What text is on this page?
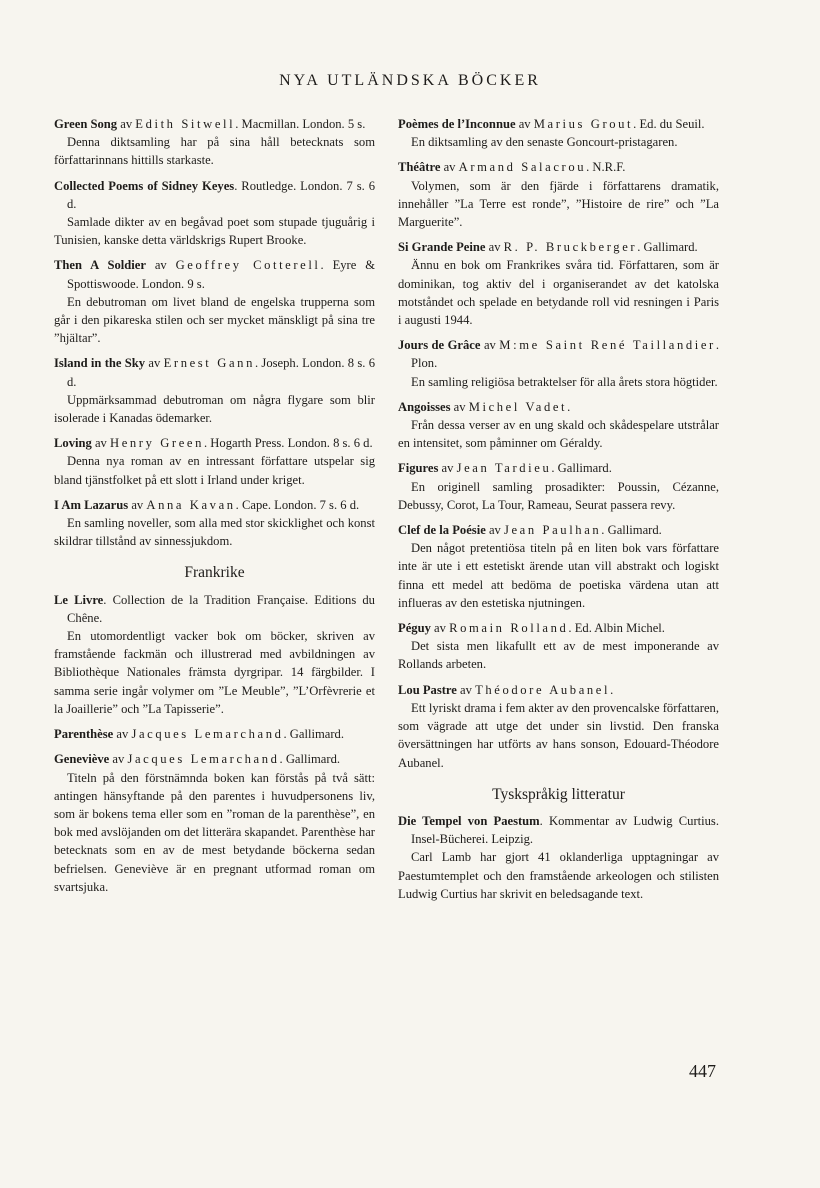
NYA UTLÄNDSKA BÖCKER

Green Song av Edith Sitwell. Macmillan. London. 5 s.

Denna diktsamling har på sina håll betecknats som författarinnans hittills starkaste.

Collected Poems of Sidney Keyes. Routledge. London. 7 s. 6 d.

Samlade dikter av en begåvad poet som stupade tjuguårig i Tunisien, kanske detta världskrigs Rupert Brooke.

Then A Soldier av Geoffrey Cotterell. Eyre & Spottiswoode. London. 9 s.

En debutroman om livet bland de engelska trupperna som går i den pikareska stilen och ser mycket mänskligt på sina tre ”hjältar”.

Island in the Sky av Ernest Gann. Joseph. London. 8 s. 6 d.

Uppmärksammad debutroman om några flygare som blir isolerade i Kanadas ödemarker.

Loving av Henry Green. Hogarth Press. London. 8 s. 6 d.

Denna nya roman av en intressant författare utspelar sig bland tjänstfolket på ett slott i Irland under kriget.

I Am Lazarus av Anna Kavan. Cape. London. 7 s. 6 d.

En samling noveller, som alla med stor skicklighet och konst skildrar tillstånd av sinnessjukdom.

Frankrike

Le Livre. Collection de la Tradition Française. Editions du Chêne.

En utomordentligt vacker bok om böcker, skriven av framstående fackmän och illustrerad med avbildningen av Bibliothèque Nationales främsta dyrgripar. 14 färgbilder. I samma serie ingår volymer om ”Le Meuble”, ”L’Orfèvrerie et la Joaillerie” och ”La Tapisserie”.

Parenthèse av Jacques Lemarchand. Gallimard.

Geneviève av Jacques Lemarchand. Gallimard.

Titeln på den förstnämnda boken kan förstås på två sätt: antingen hänsyftande på den parentes i huvudpersonens liv, som är bokens tema eller som en ”roman de la parenthèse”, en bok med avslöjanden om det litterära skapandet. Parenthèse har betecknats som en av de mest betydande böckerna sedan befrielsen. Geneviève är en pregnant utformad roman om svartsjuka.

Poèmes de l’Inconnue av Marius Grout. Ed. du Seuil.

En diktsamling av den senaste Goncourt-pristagaren.

Théâtre av Armand Salacrou. N.R.F.

Volymen, som är den fjärde i författarens dramatik, innehåller ”La Terre est ronde”, ”Histoire de rire” och ”La Marguerite”.

Si Grande Peine av R. P. Bruckberger. Gallimard.

Ännu en bok om Frankrikes svåra tid. Författaren, som är dominikan, tog aktiv del i organiserandet av det katolska motståndet och spelade en betydande roll vid resningen i Paris i augusti 1944.

Jours de Grâce av M:me Saint René Taillandier. Plon.

En samling religiösa betraktelser för alla årets stora högtider.

Angoisses av Michel Vadet.

Från dessa verser av en ung skald och skådespelare utstrålar en intensitet, som påminner om Géraldy.

Figures av Jean Tardieu. Gallimard.

En originell samling prosadikter: Poussin, Cézanne, Debussy, Corot, La Tour, Rameau, Seurat passera revy.

Clef de la Poésie av Jean Paulhan. Gallimard.

Den något pretentiösa titeln på en liten bok vars författare inte är ute i ett estetiskt ärende utan vill abstrakt och logiskt finna ett medel att bedöma de poetiska värdena utan att influeras av den estetiska njutningen.

Péguy av Romain Rolland. Ed. Albin Michel.

Det sista men likafullt ett av de mest imponerande av Rollands arbeten.

Lou Pastre av Théodore Aubanel.

Ett lyriskt drama i fem akter av den provencalske författaren, som vägrade att utge det under sin livstid. Den franska översättningen har utförts av hans sonson, Edouard-Théodore Aubanel.

Tyskspråkig litteratur

Die Tempel von Paestum. Kommentar av Ludwig Curtius. Insel-Bücherei. Leipzig.

Carl Lamb har gjort 41 oklanderliga upptagningar av Paestumtemplet och den framstående arkeologen och stilisten Ludwig Curtius har skrivit en beledsagande text.

447
